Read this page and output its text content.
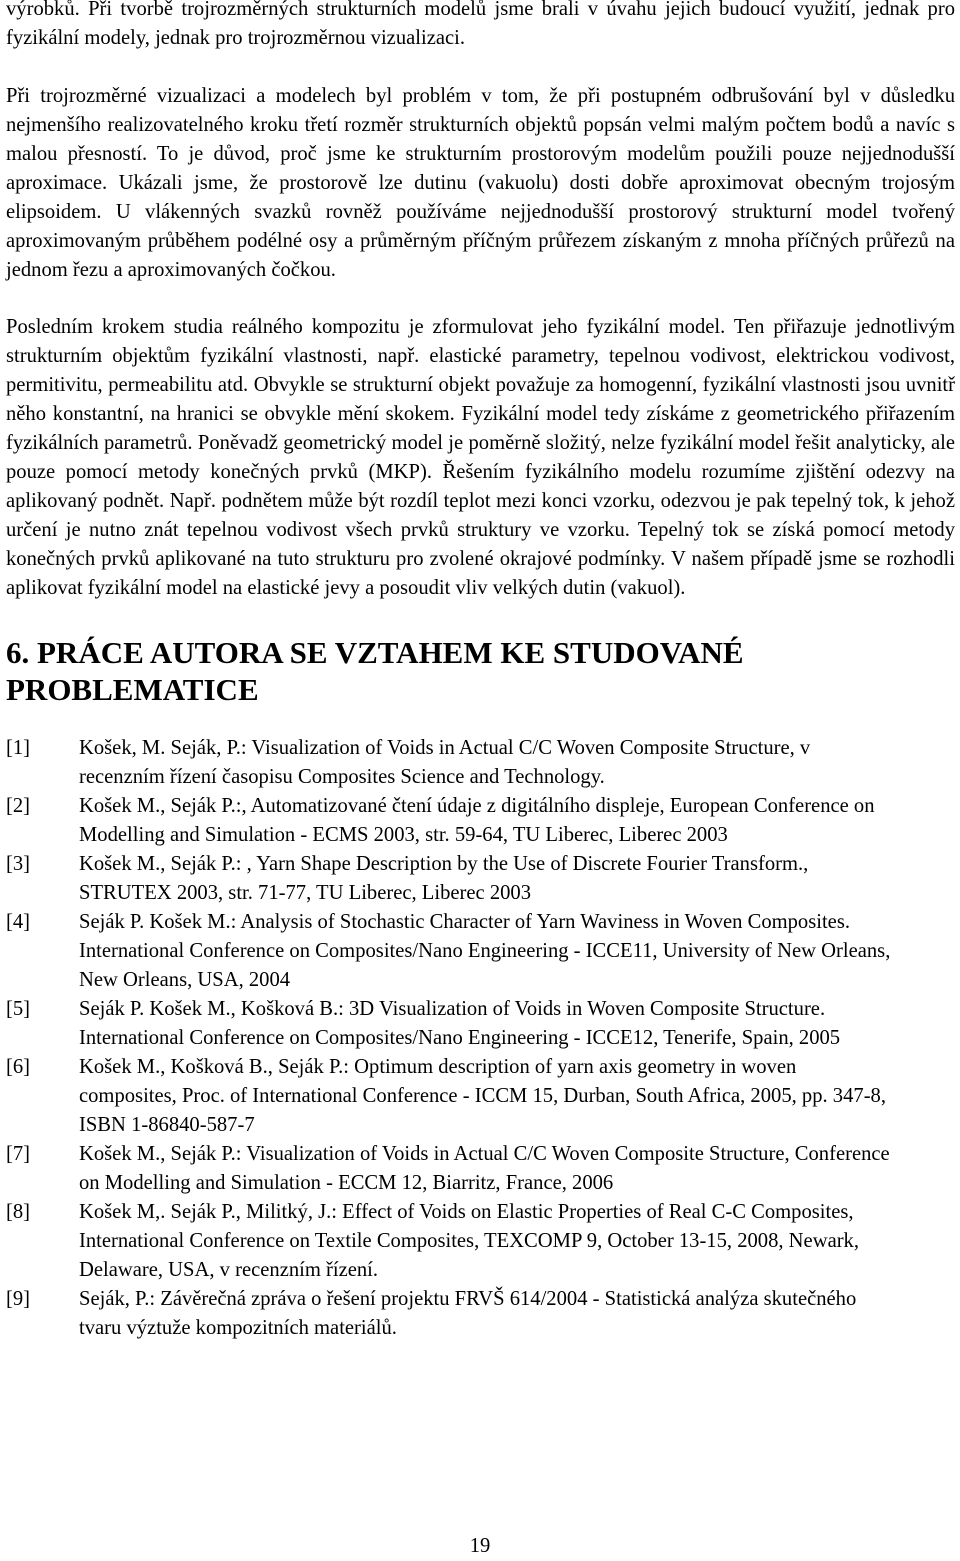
výrobků. Při tvorbě trojrozměrných strukturních modelů jsme brali v úvahu jejich budoucí využití, jednak pro fyzikální modely, jednak pro trojrozměrnou vizualizaci.

Při trojrozměrné vizualizaci a modelech byl problém v tom, že při postupném odbrušování byl v důsledku nejmenšího realizovatelného kroku třetí rozměr strukturních objektů popsán velmi malým počtem bodů a navíc s malou přesností. To je důvod, proč jsme ke strukturním prostorovým modelům použili pouze nejjednodušší aproximace. Ukázali jsme, že prostorově lze dutinu (vakuolu) dosti dobře aproximovat obecným trojosým elipsoidem. U vlákenných svazků rovněž používáme nejjednodušší prostorový strukturní model tvořený aproximovaným průběhem podélné osy a průměrným příčným průřezem získaným z mnoha příčných průřezů na jednom řezu a aproximovaných čočkou.

Posledním krokem studia reálného kompozitu je zformulovat jeho fyzikální model. Ten přiřazuje jednotlivým strukturním objektům fyzikální vlastnosti, např. elastické parametry, tepelnou vodivost, elektrickou vodivost, permitivitu, permeabilitu atd. Obvykle se strukturní objekt považuje za homogenní, fyzikální vlastnosti jsou uvnitř něho konstantní, na hranici se obvykle mění skokem. Fyzikální model tedy získáme z geometrického přiřazením fyzikálních parametrů. Poněvadž geometrický model je poměrně složitý, nelze fyzikální model řešit analyticky, ale pouze pomocí metody konečných prvků (MKP). Řešením fyzikálního modelu rozumíme zjištění odezvy na aplikovaný podnět. Např. podnětem může být rozdíl teplot mezi konci vzorku, odezvou je pak tepelný tok, k jehož určení je nutno znát tepelnou vodivost všech prvků struktury ve vzorku. Tepelný tok se získá pomocí metody konečných prvků aplikované na tuto strukturu pro zvolené okrajové podmínky. V našem případě jsme se rozhodli aplikovat fyzikální model na elastické jevy a posoudit vliv velkých dutin (vakuol).

6. PRÁCE AUTORA SE VZTAHEM KE STUDOVANÉ PROBLEMATICE
[1]	Košek, M. Seják, P.: Visualization of Voids in Actual C/C Woven Composite Structure, v recenzním řízení časopisu Composites Science and Technology.
[2]	Košek M., Seják P.:, Automatizované čtení údaje z digitálního displeje, European Conference on Modelling and Simulation - ECMS 2003, str. 59-64, TU Liberec, Liberec 2003
[3]	Košek M., Seják P.: , Yarn Shape Description by the Use of Discrete Fourier Transform., STRUTEX 2003, str. 71-77, TU Liberec, Liberec 2003
[4]	Seják P. Košek M.: Analysis of Stochastic Character of Yarn Waviness in Woven Composites. International Conference on Composites/Nano Engineering - ICCE11, University of New Orleans, New Orleans, USA, 2004
[5]	Seják P. Košek M., Košková B.: 3D Visualization of Voids in Woven Composite Structure. International Conference on Composites/Nano Engineering - ICCE12, Tenerife, Spain, 2005
[6]	Košek M., Košková B., Seják P.: Optimum description of yarn axis geometry in woven composites, Proc. of International Conference - ICCM 15, Durban, South Africa, 2005, pp. 347-8, ISBN 1-86840-587-7
[7]	Košek M., Seják P.: Visualization of Voids in Actual C/C Woven Composite Structure, Conference on Modelling and Simulation - ECCM 12, Biarritz, France, 2006
[8]	Košek M,. Seják P., Militký, J.: Effect of Voids on Elastic Properties of Real C-C Composites, International Conference on Textile Composites, TEXCOMP 9, October 13-15, 2008, Newark, Delaware, USA, v recenzním řízení.
[9]	Seják, P.: Závěrečná zpráva o řešení projektu FRVŠ 614/2004 - Statistická analýza skutečného tvaru výztuže kompozitních materiálů.
19
